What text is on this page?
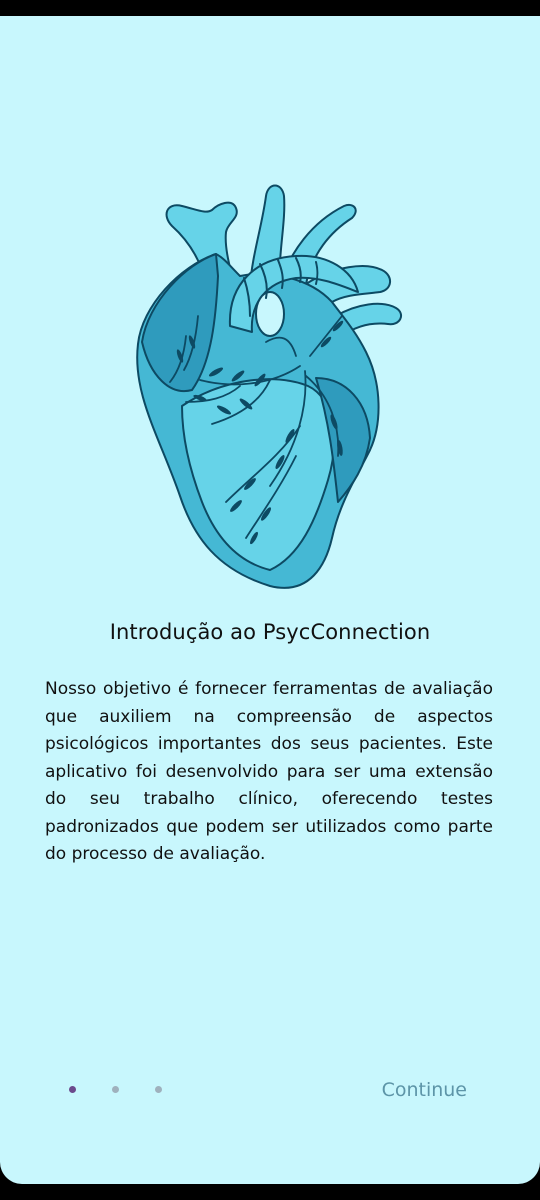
Introdução ao PsycConnection

Nosso objetivo é fornecer ferramentas de avaliação que auxiliem na compreensão de aspectos psicológicos importantes dos seus pacientes. Este aplicativo foi desenvolvido para ser uma extensão do seu trabalho clínico, oferecendo testes padronizados que podem ser utilizados como parte do processo de avaliação.

Continue
